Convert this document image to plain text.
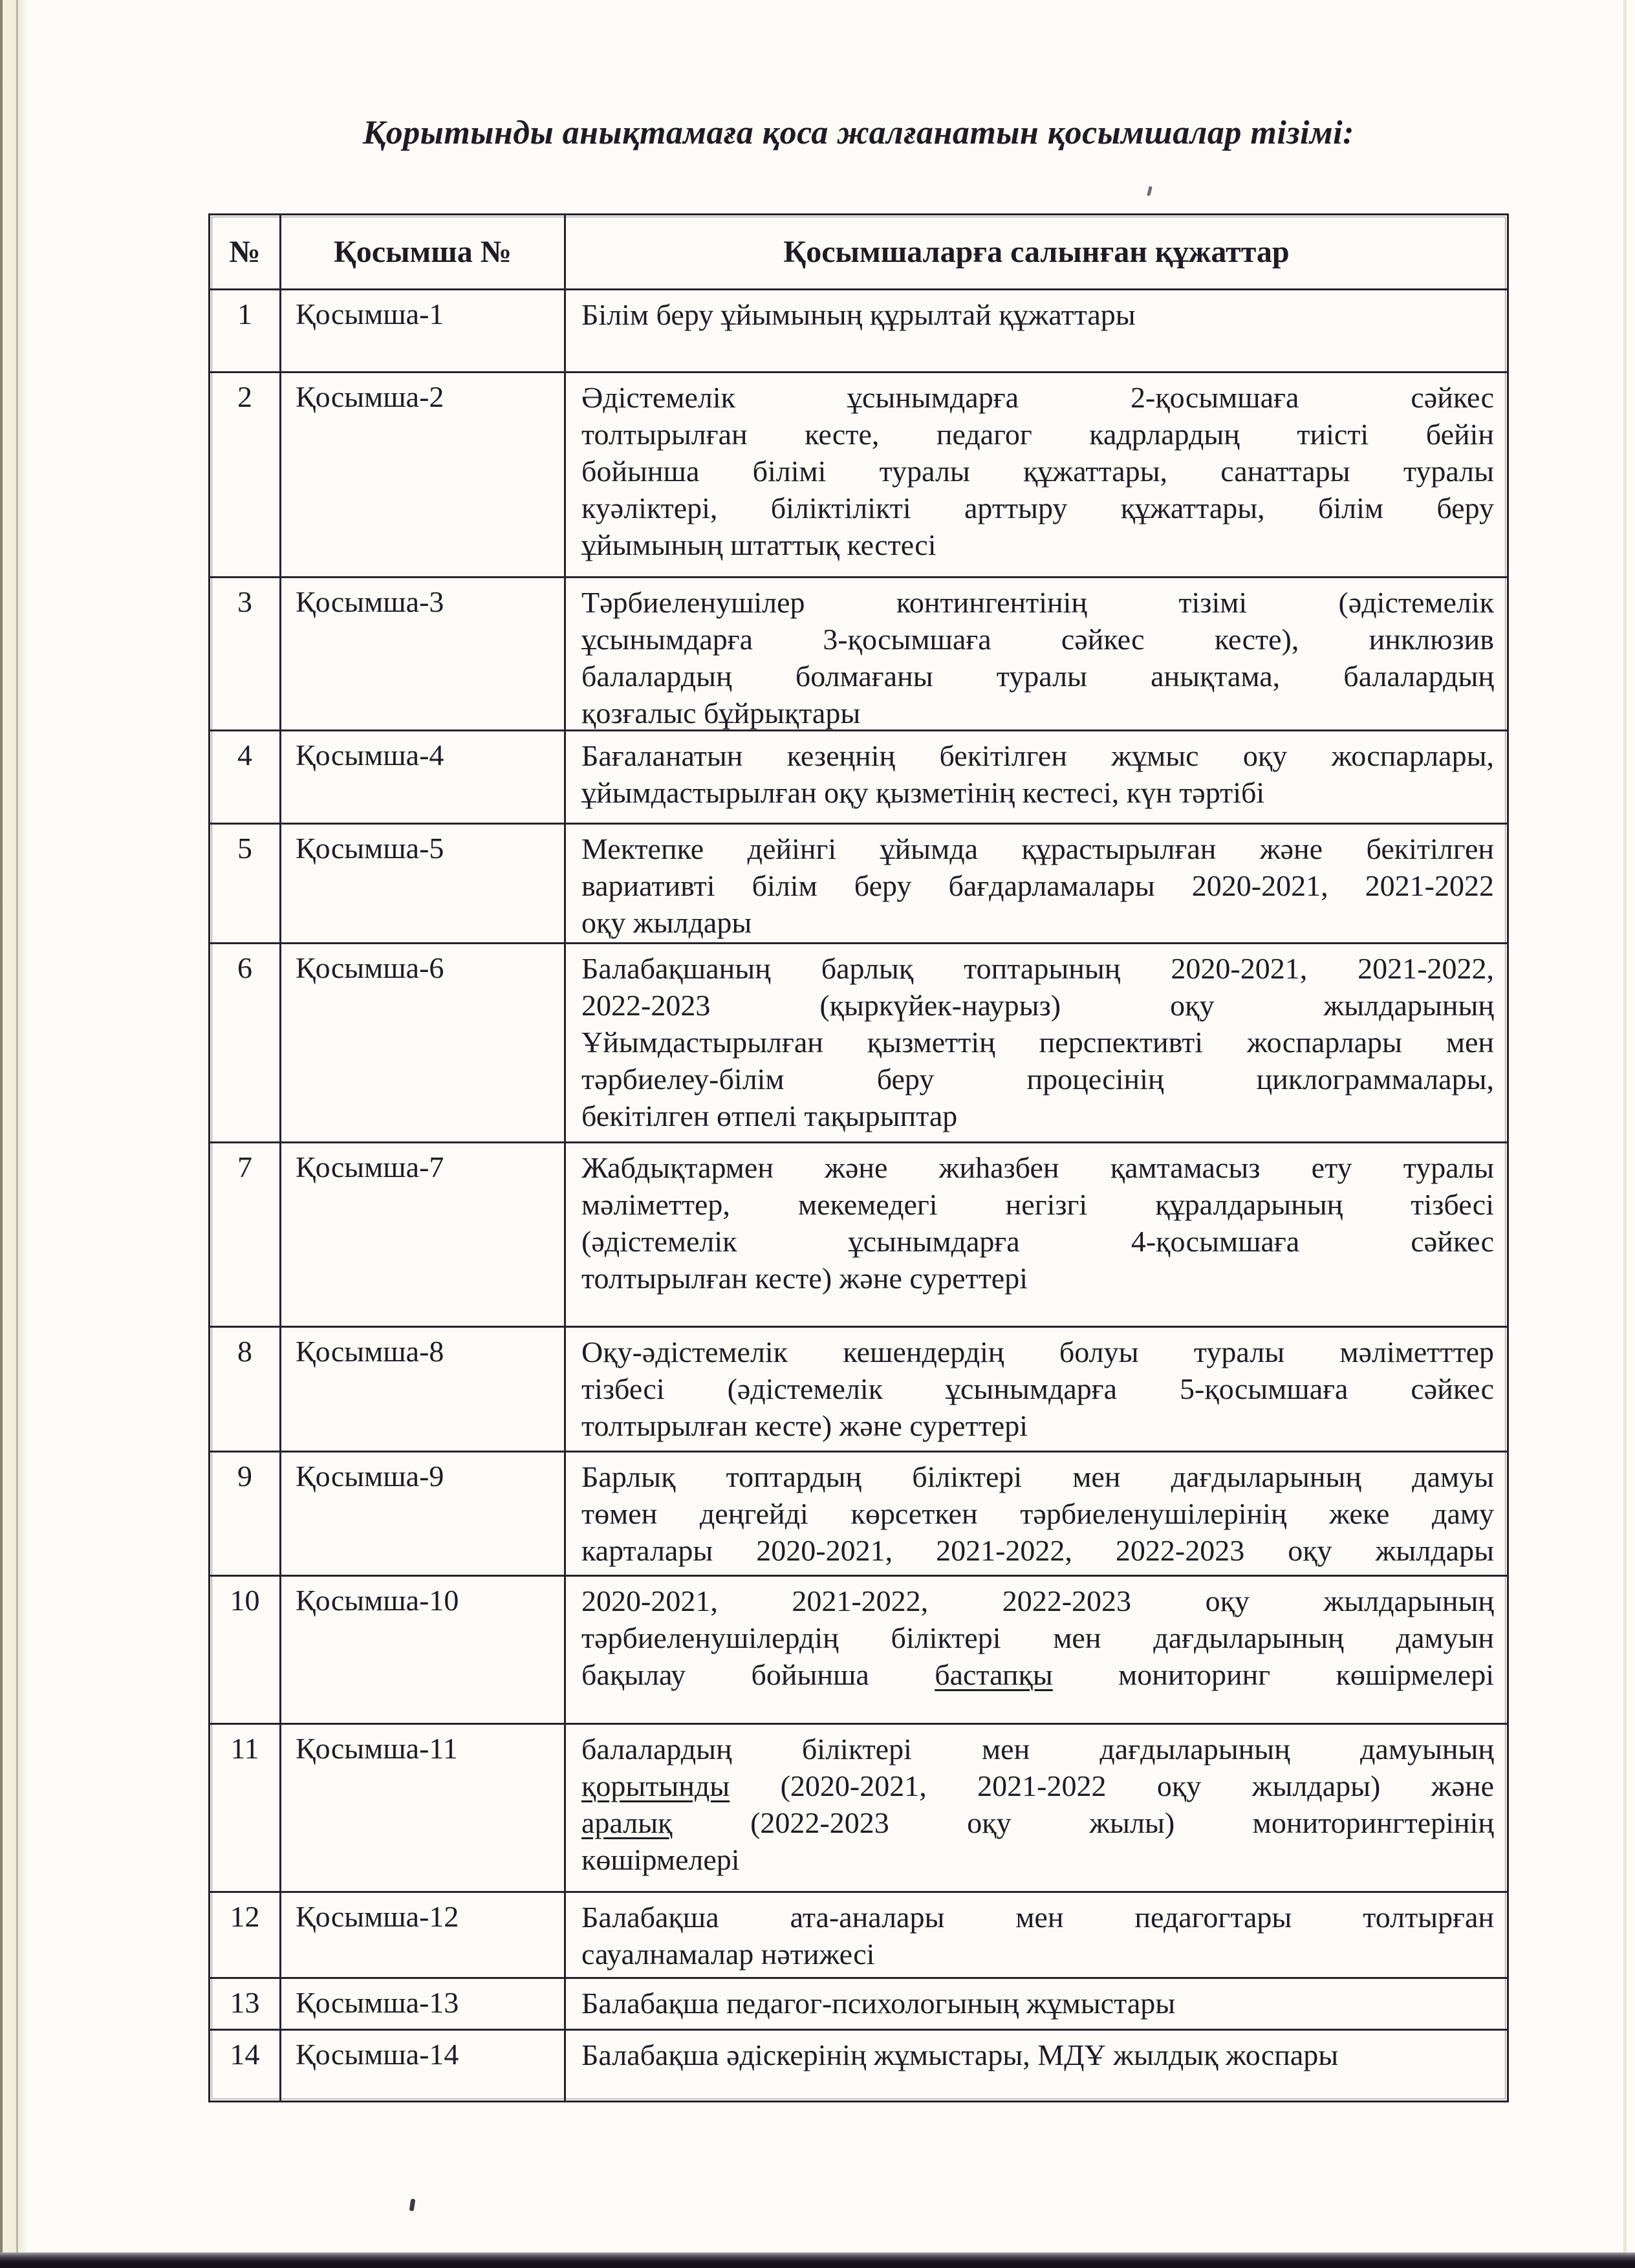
Қорытынды анықтамаға қоса жалғанатын қосымшалар тізімі:
№	Қосымша №	Қосымшаларға салынған құжаттар
1	Қосымша-1	Білім беру ұйымының құрылтай құжаттары
2	Қосымша-2	Әдістемелік ұсынымдарға 2-қосымшаға сәйкес
толтырылған кесте, педагог кадрлардың тиісті бейін
бойынша білімі туралы құжаттары, санаттары туралы
куәліктері, біліктілікті арттыру құжаттары, білім беру
ұйымының штаттық кестесі
3	Қосымша-3	Тәрбиеленушілер контингентінің тізімі (әдістемелік
ұсынымдарға 3-қосымшаға сәйкес кесте), инклюзив
балалардың болмағаны туралы анықтама, балалардың
қозғалыс бұйрықтары
4	Қосымша-4	Бағаланатын кезеңнің бекітілген жұмыс оқу жоспарлары,
ұйымдастырылған оқу қызметінің кестесі, күн тәртібі
5	Қосымша-5	Мектепке дейінгі ұйымда құрастырылған және бекітілген
вариативті білім беру бағдарламалары 2020-2021, 2021-2022
оқу жылдары
6	Қосымша-6	Балабақшаның барлық топтарының 2020-2021, 2021-2022,
2022-2023 (қыркүйек-наурыз) оқу жылдарының
Ұйымдастырылған қызметтің перспективті жоспарлары мен
тәрбиелеу-білім беру процесінің циклограммалары,
бекітілген өтпелі тақырыптар
7	Қосымша-7	Жабдықтармен және жиһазбен қамтамасыз ету туралы
мәліметтер, мекемедегі негізгі құралдарының тізбесі
(әдістемелік ұсынымдарға 4-қосымшаға сәйкес
толтырылған кесте) және суреттері
8	Қосымша-8	Оқу-әдістемелік кешендердің болуы туралы мәліметттер
тізбесі (әдістемелік ұсынымдарға 5-қосымшаға сәйкес
толтырылған кесте) және суреттері
9	Қосымша-9	Барлық топтардың біліктері мен дағдыларының дамуы
төмен деңгейді көрсеткен тәрбиеленушілерінің жеке даму
карталары 2020-2021, 2021-2022, 2022-2023 оқу жылдары
10	Қосымша-10	2020-2021, 2021-2022, 2022-2023 оқу жылдарының
тәрбиеленушілердің біліктері мен дағдыларының дамуын
бақылау бойынша бастапқы мониторинг көшірмелері
11	Қосымша-11	балалардың біліктері мен дағдыларының дамуының
қорытынды (2020-2021, 2021-2022 оқу жылдары) және
аралық (2022-2023 оқу жылы) мониторингтерінің
көшірмелері
12	Қосымша-12	Балабақша ата-аналары мен педагогтары толтырған
сауалнамалар нәтижесі
13	Қосымша-13	Балабақша педагог-психологының жұмыстары
14	Қосымша-14	Балабақша әдіскерінің жұмыстары, МДҰ жылдық жоспары
